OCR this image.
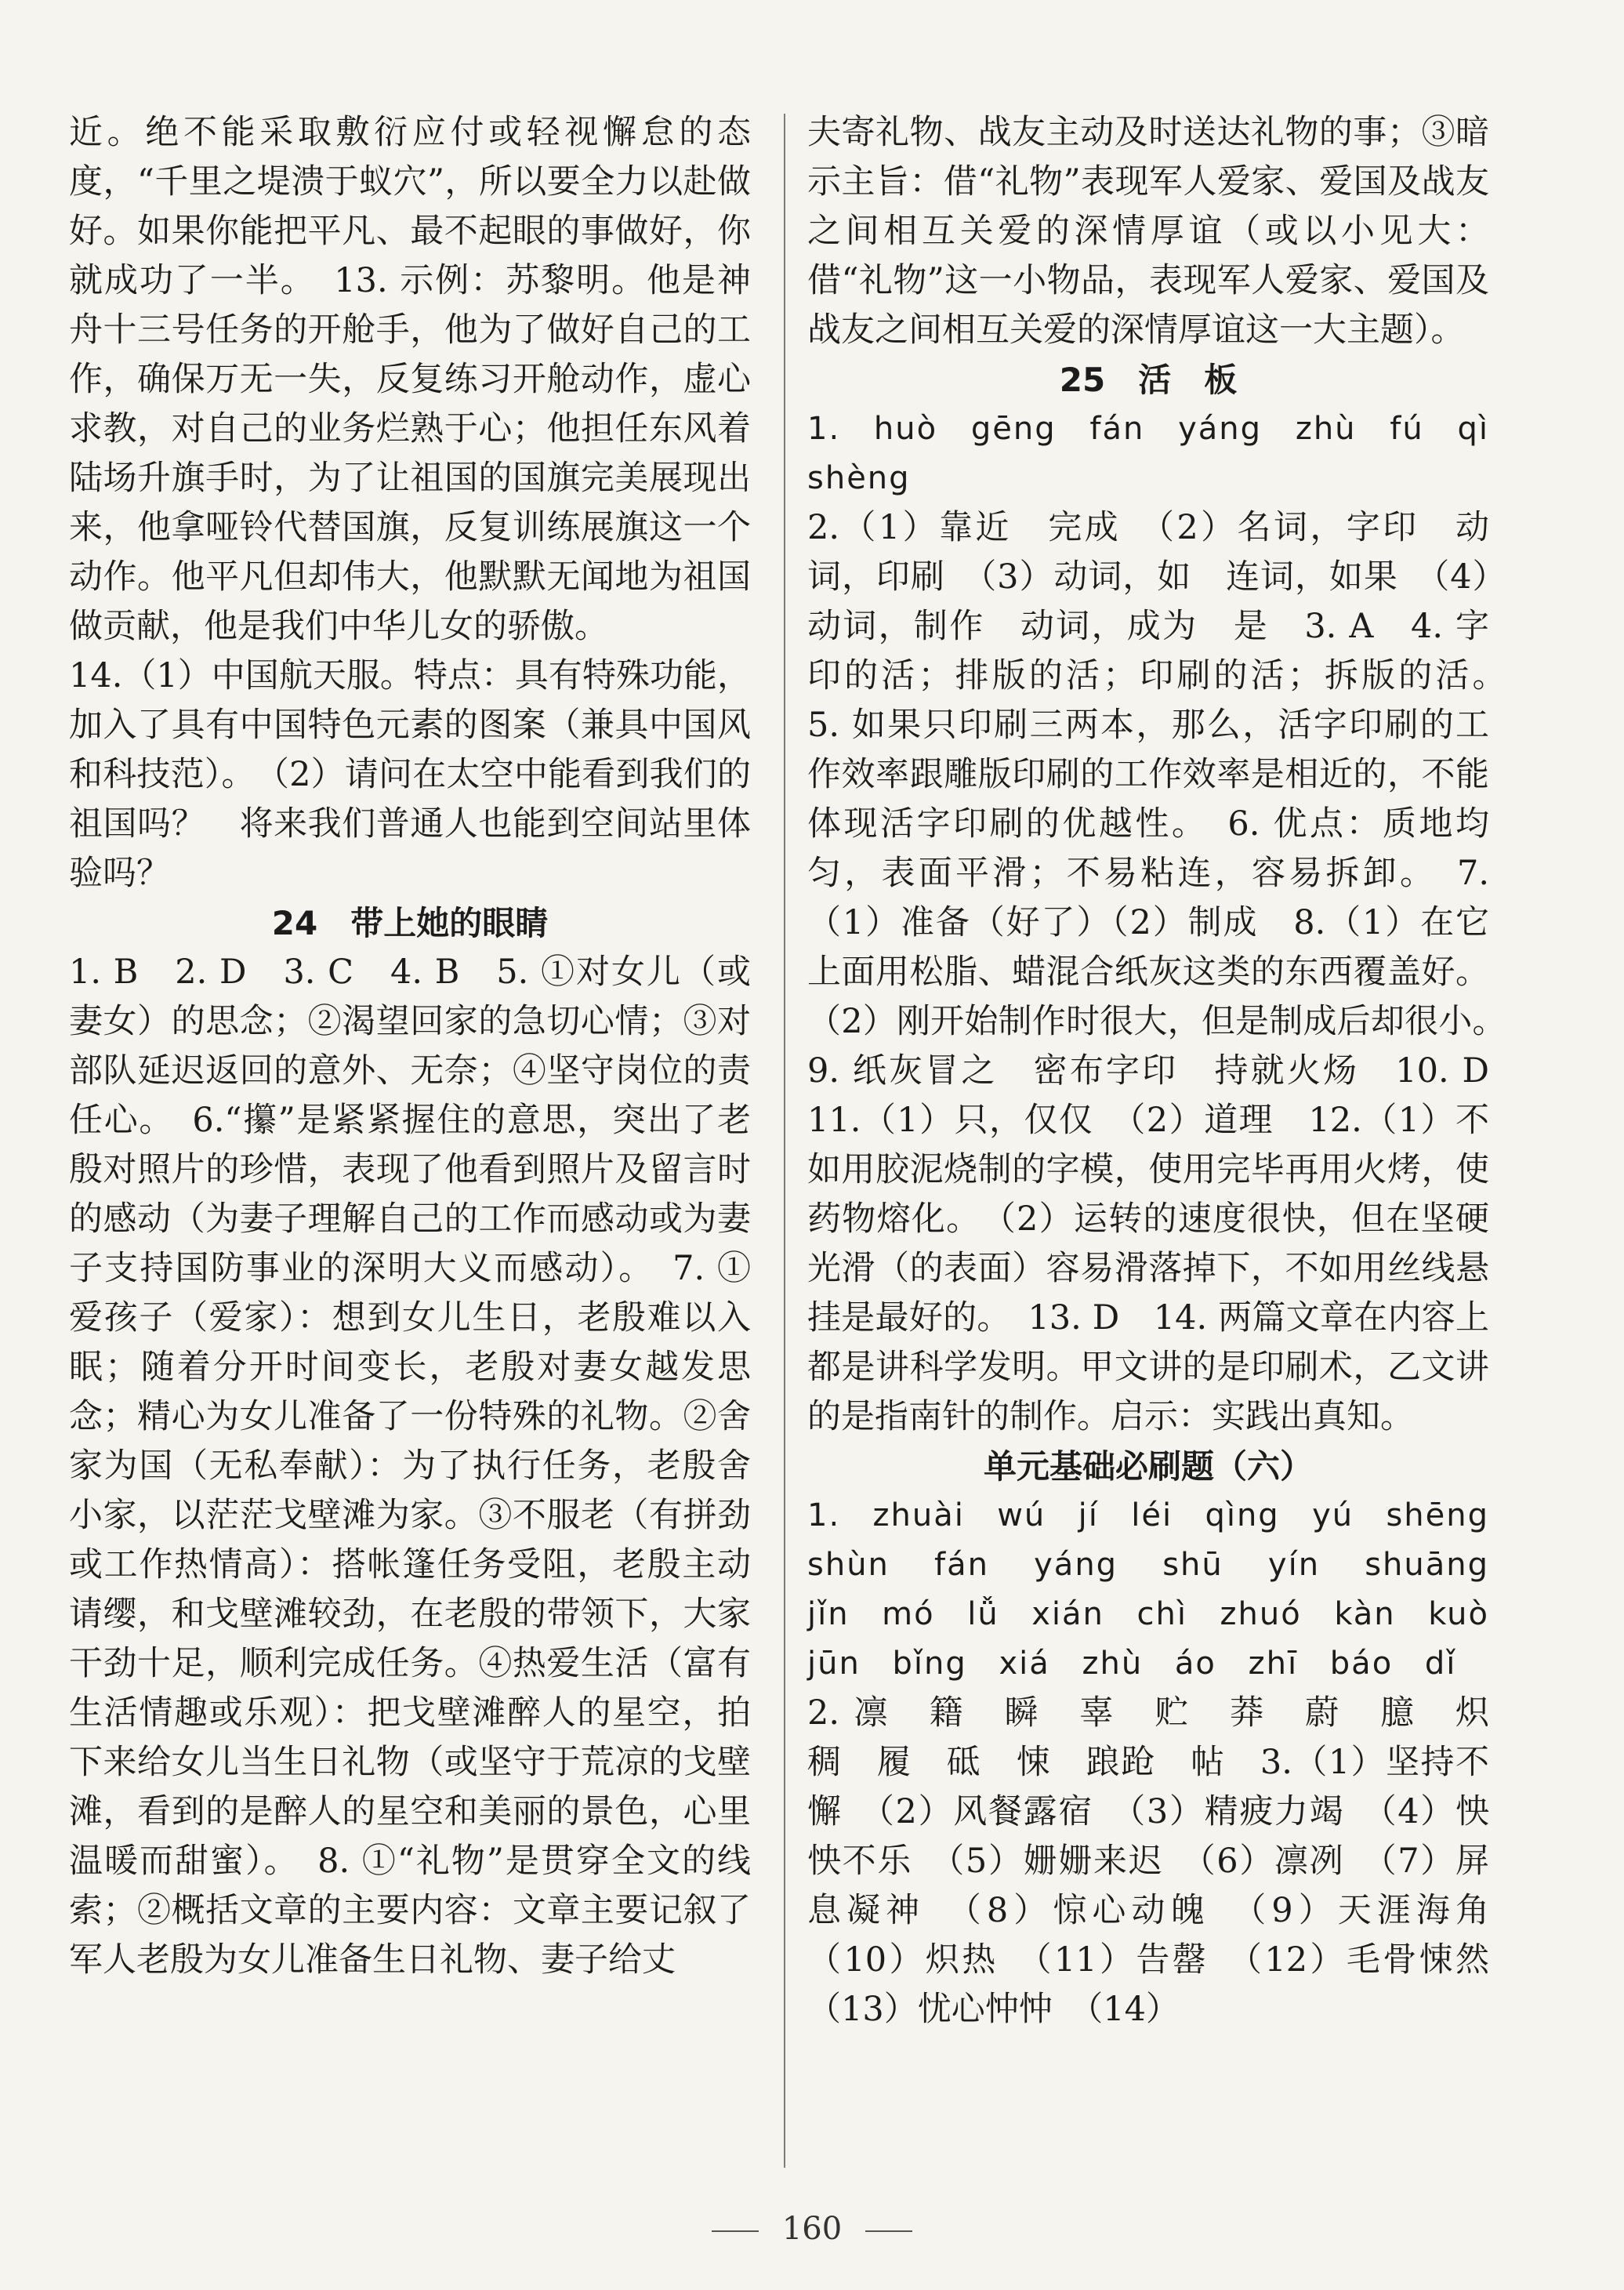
近。绝不能采取敷衍应付或轻视懈怠的态度，“千里之堤溃于蚁穴”，所以要全力以赴做好。如果你能把平凡、最不起眼的事做好，你就成功了一半。　13. 示例：苏黎明。他是神舟十三号任务的开舱手，他为了做好自己的工作，确保万无一失，反复练习开舱动作，虚心求教，对自己的业务烂熟于心；他担任东风着陆场升旗手时，为了让祖国的国旗完美展现出来，他拿哑铃代替国旗，反复训练展旗这一个动作。他平凡但却伟大，他默默无闻地为祖国做贡献，他是我们中华儿女的骄傲。

14.（1）中国航天服。特点：具有特殊功能，加入了具有中国特色元素的图案（兼具中国风和科技范）。　（2）请问在太空中能看到我们的祖国吗？　将来我们普通人也能到空间站里体验吗？

24　带上她的眼睛

1. B　2. D　3. C　4. B　5. ①对女儿（或妻女）的思念；②渴望回家的急切心情；③对部队延迟返回的意外、无奈；④坚守岗位的责任心。　6.“攥”是紧紧握住的意思，突出了老殷对照片的珍惜，表现了他看到照片及留言时的感动（为妻子理解自己的工作而感动或为妻子支持国防事业的深明大义而感动）。　7. ①爱孩子（爱家）：想到女儿生日，老殷难以入眠；随着分开时间变长，老殷对妻女越发思念；精心为女儿准备了一份特殊的礼物。②舍家为国（无私奉献）：为了执行任务，老殷舍小家，以茫茫戈壁滩为家。③不服老（有拼劲或工作热情高）：搭帐篷任务受阻，老殷主动请缨，和戈壁滩较劲，在老殷的带领下，大家干劲十足，顺利完成任务。④热爱生活（富有生活情趣或乐观）：把戈壁滩醉人的星空，拍下来给女儿当生日礼物（或坚守于荒凉的戈壁滩，看到的是醉人的星空和美丽的景色，心里温暖而甜蜜）。　8. ①“礼物”是贯穿全文的线索；②概括文章的主要内容：文章主要记叙了军人老殷为女儿准备生日礼物、妻子给丈

夫寄礼物、战友主动及时送达礼物的事；③暗示主旨：借“礼物”表现军人爱家、爱国及战友之间相互关爱的深情厚谊（或以小见大：借“礼物”这一小物品，表现军人爱家、爱国及战友之间相互关爱的深情厚谊这一大主题）。

25　活　板

1. huò gēng fán yáng zhù fú qì shèng

2.（1）靠近　完成　（2）名词，字印　动词，印刷　（3）动词，如　连词，如果　（4）动词，制作　动词，成为　是　3. A　4. 字印的活；排版的活；印刷的活；拆版的活。　5. 如果只印刷三两本，那么，活字印刷的工作效率跟雕版印刷的工作效率是相近的，不能体现活字印刷的优越性。　6. 优点：质地均匀，表面平滑；不易粘连，容易拆卸。　7.（1）准备（好了）（2）制成　8.（1）在它上面用松脂、蜡混合纸灰这类的东西覆盖好。（2）刚开始制作时很大，但是制成后却很小。　9. 纸灰冒之　密布字印　持就火炀　10. D　11.（1）只，仅仅　（2）道理　12.（1）不如用胶泥烧制的字模，使用完毕再用火烤，使药物熔化。　（2）运转的速度很快，但在坚硬光滑（的表面）容易滑落掉下，不如用丝线悬挂是最好的。　13. D　14. 两篇文章在内容上都是讲科学发明。甲文讲的是印刷术，乙文讲的是指南针的制作。启示：实践出真知。

单元基础必刷题（六）

1. zhuài wú jí léi qìng yú shēng shùn fán yáng shū yín shuāng jǐn mó lǚ xián chì zhuó kàn kuò jūn bǐng xiá zhù áo zhī báo dǐ

2. 凛　籍　瞬　辜　贮　莽　蔚　臆　炽　稠　履　砥　悚　踉跄　帖　3.（1）坚持不懈　（2）风餐露宿　（3）精疲力竭　（4）怏怏不乐　（5）姗姗来迟　（6）凛冽　（7）屏息凝神　（8）惊心动魄　（9）天涯海角　（10）炽热　（11）告罄　（12）毛骨悚然　（13）忧心忡忡　（14）

160
